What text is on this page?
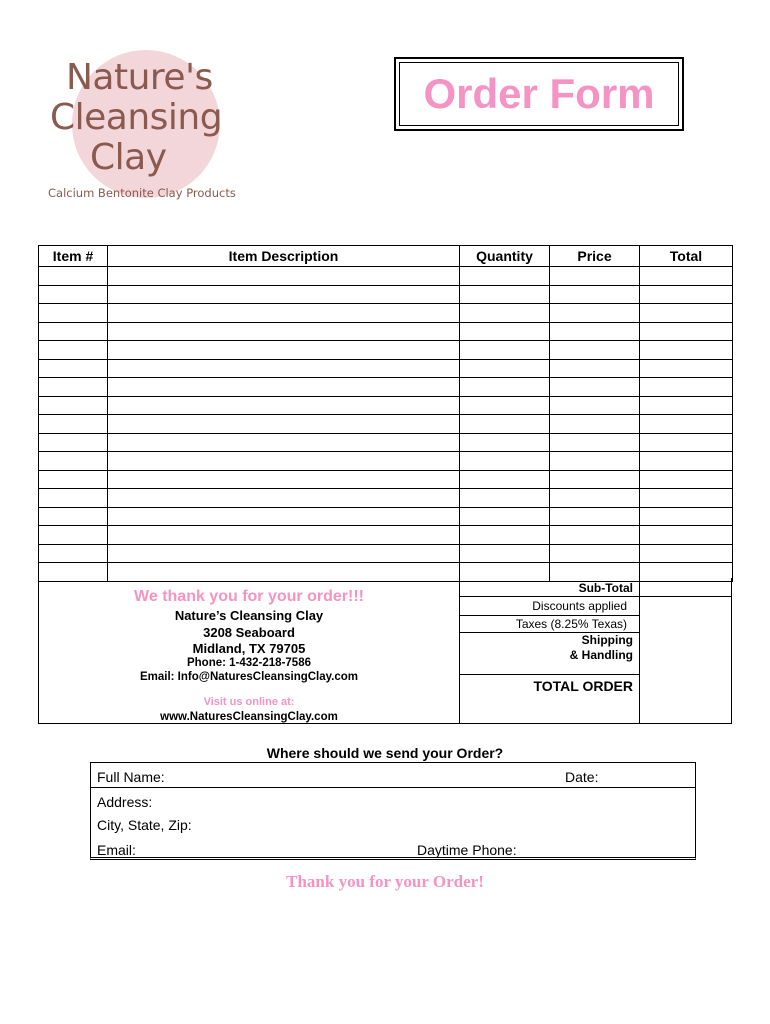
Nature's
Cleansing
Clay
Calcium Bentonite Clay Products
Order Form
Item #	Item Description	Quantity	Price	Total

We thank you for your order!!!
Nature’s Cleansing Clay
3208 Seaboard
Midland, TX 79705
Phone: 1-432-218-7586
Email: Info@NaturesCleansingClay.com
Visit us online at:
www.NaturesCleansingClay.com
Sub-Total
Discounts applied
Taxes (8.25% Texas)
Shipping
& Handling
TOTAL ORDER
Where should we send your Order?
Full Name:	Date:
Address:
City, State, Zip:
Email:	Daytime Phone:
Thank you for your Order!
